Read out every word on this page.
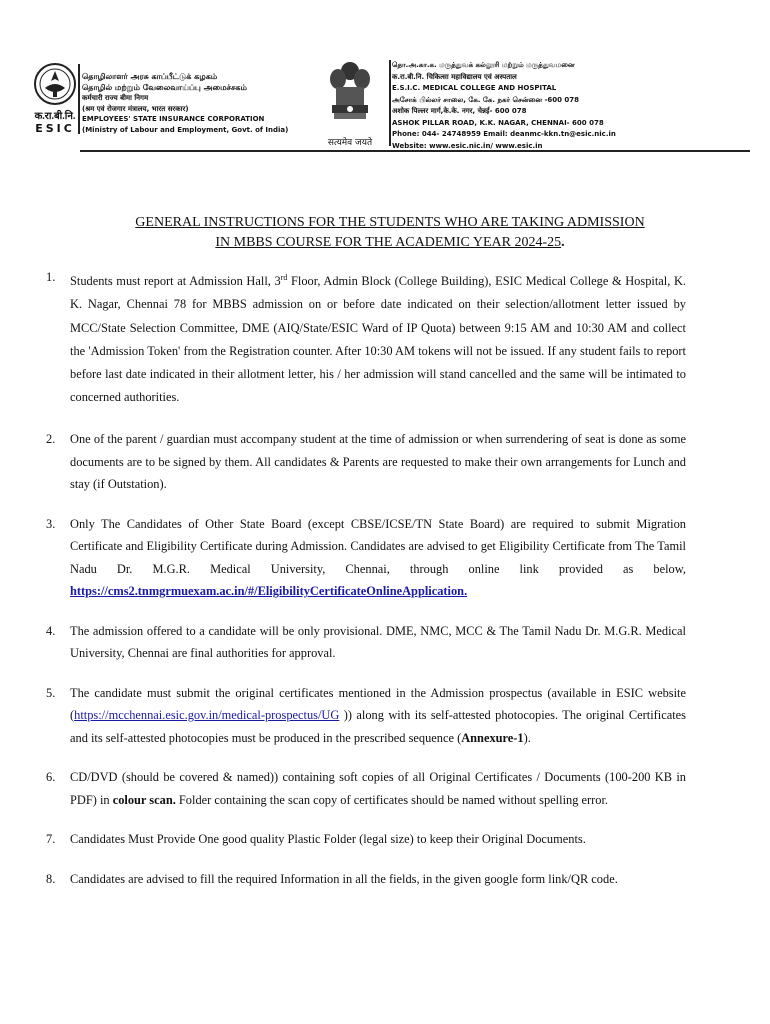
क.रा.बी.नि.
ESIC
தொழிலாளர் அரசு காப்பீட்டுக் கழகம்
தொழில் மற்றும் வேலைவாய்ப்பு அமைச்சகம்
कर्मचारी राज्य बीमा निगम
(श्रम एवं रोजगार मंत्रालय, भारत सरकार)
EMPLOYEES' STATE INSURANCE CORPORATION
(Ministry of Labour and Employment, Govt. of India)
सत्यमेव जयते
தொ.அ.கா.க. மருத்துவக் கல்லூரி மற்றும் மருத்துவமனை
क.रा.बी.नि. चिकित्सा महाविद्यालय एवं अस्पताल
E.S.I.C. MEDICAL COLLEGE AND HOSPITAL
அசோக் பில்லர் சாலை, கே. கே. நகர் சென்னை -600 078
अशोक पिल्लर मार्ग,के.के. नगर, चेन्नई- 600 078
ASHOK PILLAR ROAD, K.K. NAGAR, CHENNAI- 600 078
Phone: 044- 24748959 Email: deanmc-kkn.tn@esic.nic.in
Website: www.esic.nic.in/ www.esic.in
GENERAL INSTRUCTIONS FOR THE STUDENTS WHO ARE TAKING ADMISSION
IN MBBS COURSE FOR THE ACADEMIC YEAR 2024-25.
1. Students must report at Admission Hall, 3rd Floor, Admin Block (College Building), ESIC Medical College & Hospital, K. K. Nagar, Chennai 78 for MBBS admission on or before date indicated on their selection/allotment letter issued by MCC/State Selection Committee, DME (AIQ/State/ESIC Ward of IP Quota) between 9:15 AM and 10:30 AM and collect the 'Admission Token' from the Registration counter. After 10:30 AM tokens will not be issued. If any student fails to report before last date indicated in their allotment letter, his / her admission will stand cancelled and the same will be intimated to concerned authorities.

2. One of the parent / guardian must accompany student at the time of admission or when surrendering of seat is done as some documents are to be signed by them. All candidates & Parents are requested to make their own arrangements for Lunch and stay (if Outstation).

3. Only The Candidates of Other State Board (except CBSE/ICSE/TN State Board) are required to submit Migration Certificate and Eligibility Certificate during Admission. Candidates are advised to get Eligibility Certificate from The Tamil Nadu Dr. M.G.R. Medical University, Chennai, through online link provided as below, https://cms2.tnmgrmuexam.ac.in/#/EligibilityCertificateOnlineApplication.

4. The admission offered to a candidate will be only provisional. DME, NMC, MCC & The Tamil Nadu Dr. M.G.R. Medical University, Chennai are final authorities for approval.

5. The candidate must submit the original certificates mentioned in the Admission prospectus (available in ESIC website (https://mcchennai.esic.gov.in/medical-prospectus/UG )) along with its self-attested photocopies. The original Certificates and its self-attested photocopies must be produced in the prescribed sequence (Annexure-1).

6. CD/DVD (should be covered & named)) containing soft copies of all Original Certificates / Documents (100-200 KB in PDF) in colour scan. Folder containing the scan copy of certificates should be named without spelling error.

7. Candidates Must Provide One good quality Plastic Folder (legal size) to keep their Original Documents.

8. Candidates are advised to fill the required Information in all the fields, in the given google form link/QR code.
